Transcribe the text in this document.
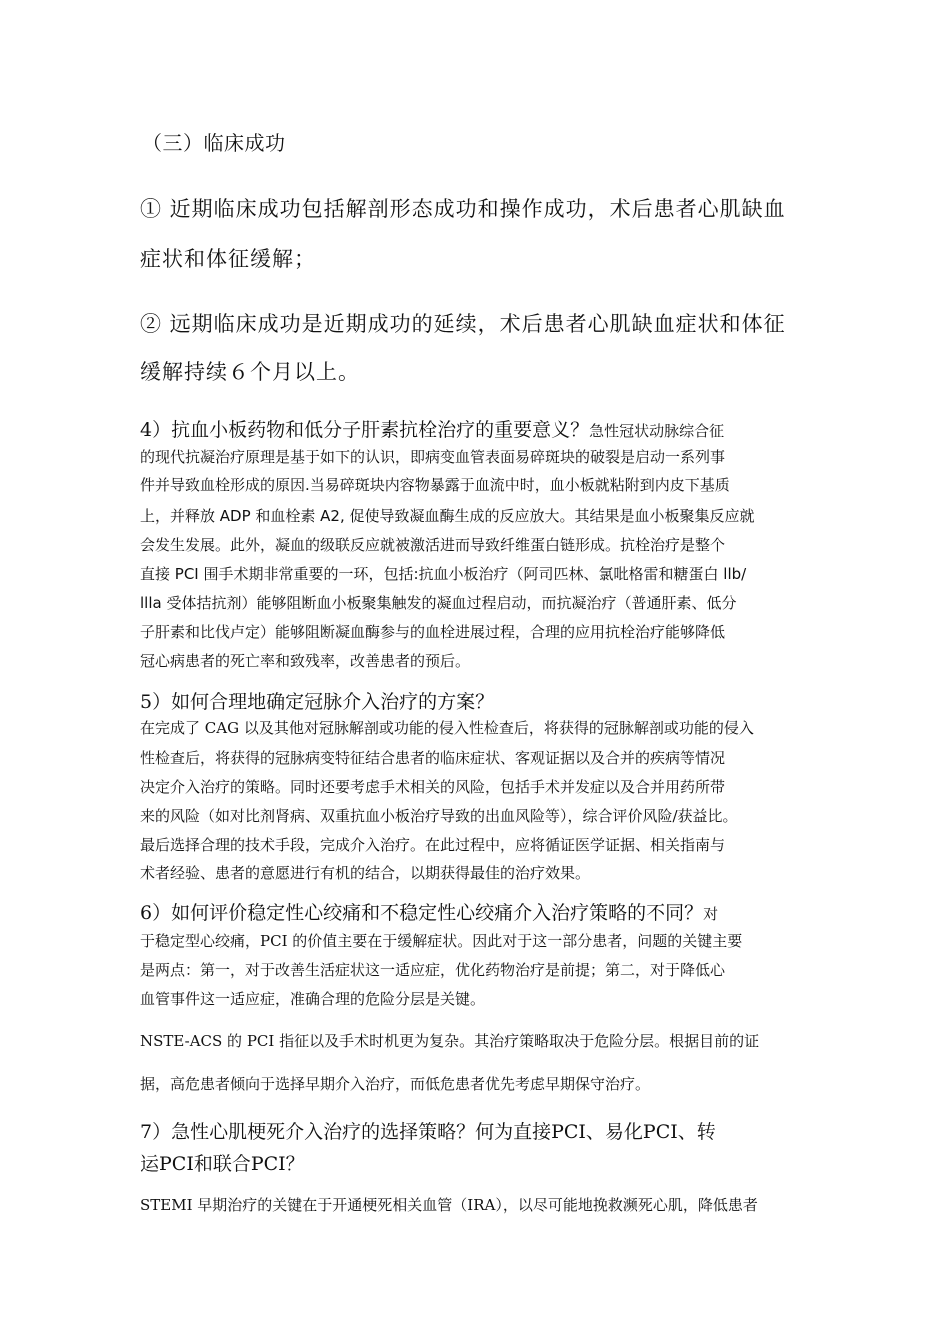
（三）临床成功

① 近期临床成功包括解剖形态成功和操作成功，术后患者心肌缺血

症状和体征缓解；

② 远期临床成功是近期成功的延续，术后患者心肌缺血症状和体征

缓解持续６个月以上。

4）抗血小板药物和低分子肝素抗栓治疗的重要意义？急性冠状动脉综合征

的现代抗凝治疗原理是基于如下的认识，即病变血管表面易碎斑块的破裂是启动一系列事

件并导致血栓形成的原因.当易碎斑块内容物暴露于血流中时，血小板就粘附到内皮下基质

上，并释放 ADP 和血栓素 A2, 促使导致凝血酶生成的反应放大。其结果是血小板聚集反应就

会发生发展。此外，凝血的级联反应就被激活进而导致纤维蛋白链形成。抗栓治疗是整个

直接 PCI 围手术期非常重要的一环，包括:抗血小板治疗（阿司匹林、氯吡格雷和糖蛋白 llb/

llla 受体拮抗剂）能够阻断血小板聚集触发的凝血过程启动，而抗凝治疗（普通肝素、低分

子肝素和比伐卢定）能够阻断凝血酶参与的血栓进展过程，合理的应用抗栓治疗能够降低

冠心病患者的死亡率和致残率，改善患者的预后。

5）如何合理地确定冠脉介入治疗的方案？

在完成了 CAG 以及其他对冠脉解剖或功能的侵入性检查后，将获得的冠脉解剖或功能的侵入

性检查后，将获得的冠脉病变特征结合患者的临床症状、客观证据以及合并的疾病等情况

决定介入治疗的策略。同时还要考虑手术相关的风险，包括手术并发症以及合并用药所带

来的风险（如对比剂肾病、双重抗血小板治疗导致的出血风险等），综合评价风险/获益比。

最后选择合理的技术手段，完成介入治疗。在此过程中，应将循证医学证据、相关指南与

术者经验、患者的意愿进行有机的结合，以期获得最佳的治疗效果。

6）如何评价稳定性心绞痛和不稳定性心绞痛介入治疗策略的不同？对

于稳定型心绞痛，PCI 的价值主要在于缓解症状。因此对于这一部分患者，问题的关键主要

是两点：第一，对于改善生活症状这一适应症，优化药物治疗是前提；第二，对于降低心

血管事件这一适应症，准确合理的危险分层是关键。

NSTE-ACS 的 PCI 指征以及手术时机更为复杂。其治疗策略取决于危险分层。根据目前的证

据，高危患者倾向于选择早期介入治疗，而低危患者优先考虑早期保守治疗。

7）急性心肌梗死介入治疗的选择策略？何为直接PCI、易化PCI、转

运PCI和联合PCI？

STEMI 早期治疗的关键在于开通梗死相关血管（IRA），以尽可能地挽救濒死心肌，降低患者
